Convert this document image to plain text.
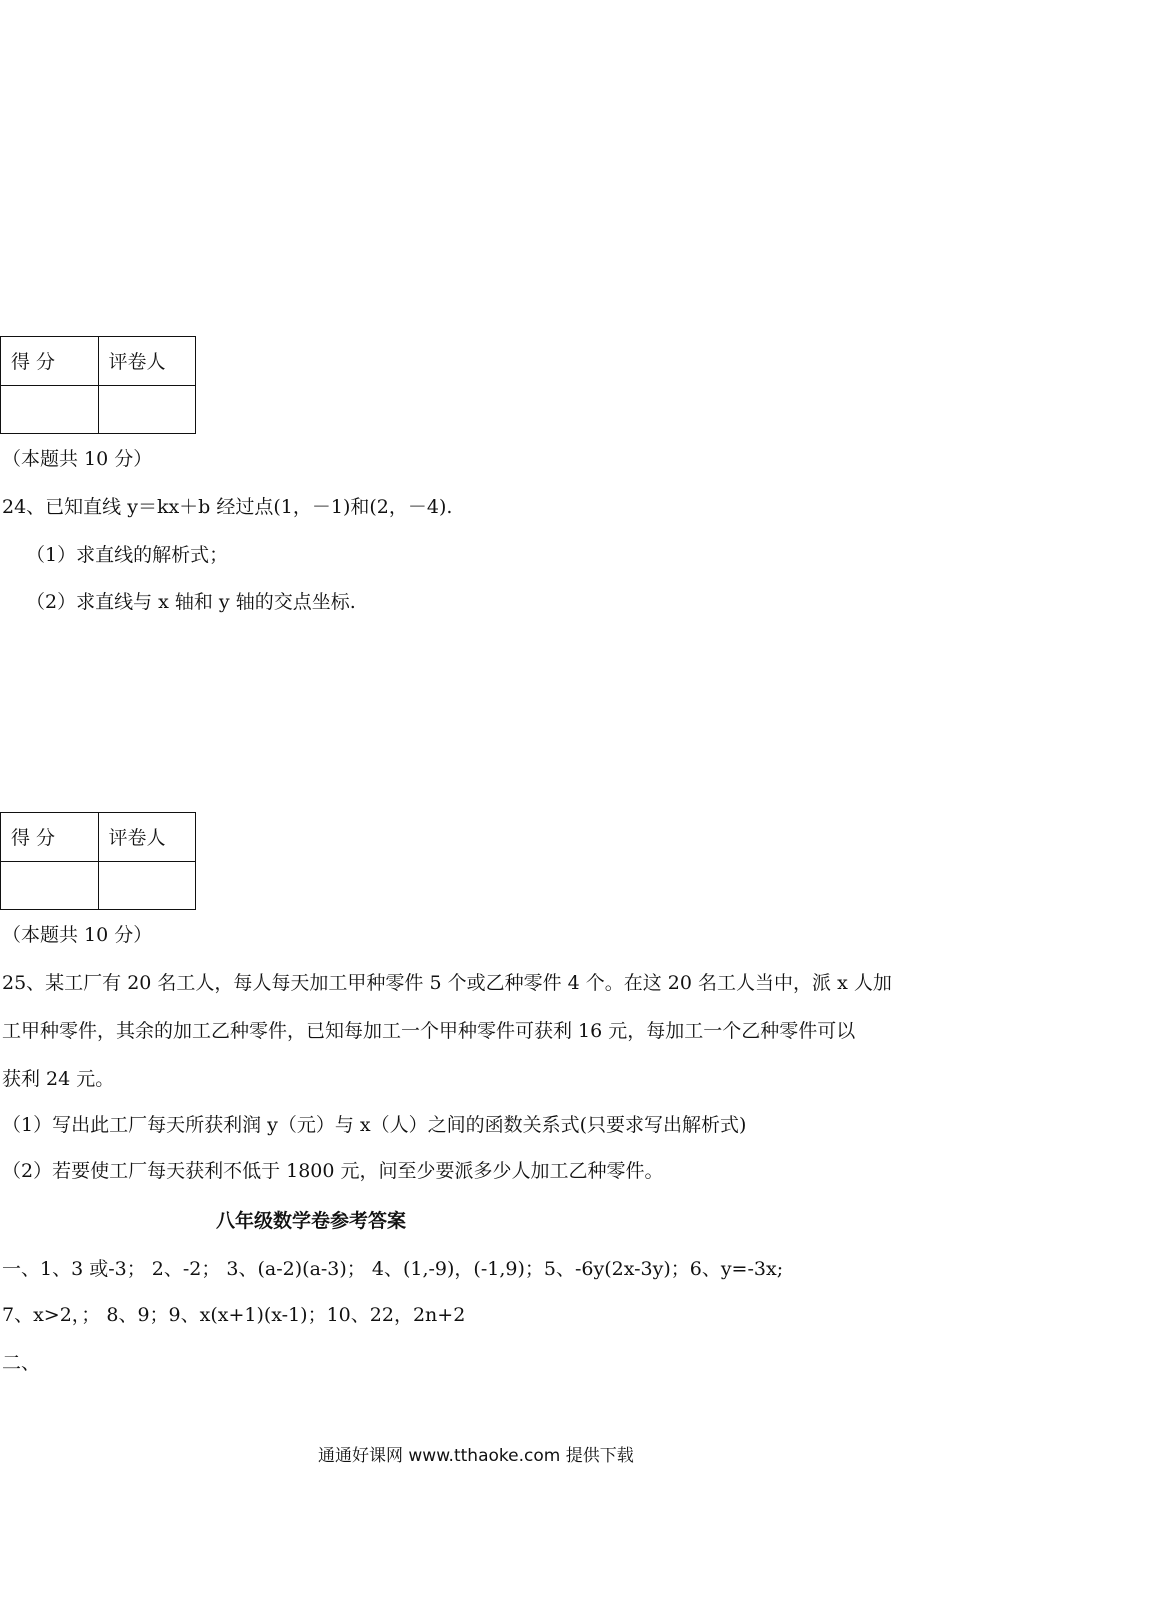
得 分	评卷人

（本题共 10 分）
24、已知直线 y＝kx＋b 经过点(1，－1)和(2，－4).
（1）求直线的解析式；
（2）求直线与 x 轴和 y 轴的交点坐标.
得 分	评卷人

（本题共 10 分）
25、某工厂有 20 名工人，每人每天加工甲种零件 5 个或乙种零件 4 个。在这 20 名工人当中，派 x 人加
工甲种零件，其余的加工乙种零件，已知每加工一个甲种零件可获利 16 元，每加工一个乙种零件可以
获利 24 元。
（1）写出此工厂每天所获利润 y（元）与 x（人）之间的函数关系式(只要求写出解析式)
（2）若要使工厂每天获利不低于 1800 元，问至少要派多少人加工乙种零件。
八年级数学卷参考答案
一、1、3 或-3； 2、-2； 3、(a-2)(a-3)； 4、(1,-9)，(-1,9)；5、-6y(2x-3y)；6、y=-3x;
7、x>2，； 8、9；9、x(x+1)(x-1)；10、22，2n+2
二、
通通好课网 www.tthaoke.com 提供下载
